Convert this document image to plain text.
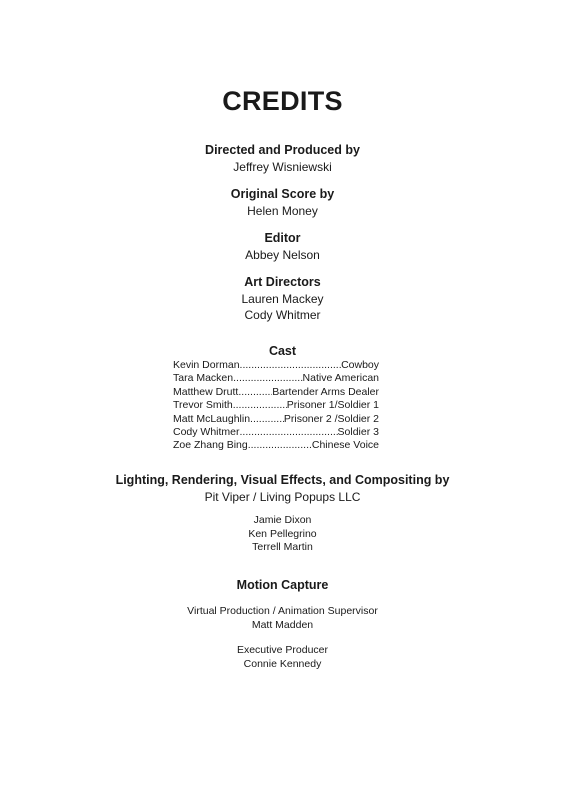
CREDITS
Directed and Produced by
Jeffrey Wisniewski
Original Score by
Helen Money
Editor
Abbey Nelson
Art Directors
Lauren Mackey
Cody Whitmer
Cast
Kevin Dorman .....	Cowboy
Tara Macken .....	Native American
Matthew Drutt .....	Bartender Arms Dealer
Trevor Smith .....	Prisoner 1/Soldier 1
Matt McLaughlin .....	Prisoner 2 /Soldier 2
Cody Whitmer .....	Soldier 3
Zoe Zhang Bing .....	Chinese Voice
Lighting, Rendering, Visual Effects, and Compositing by
Pit Viper / Living Popups LLC
Jamie Dixon
Ken Pellegrino
Terrell Martin
Motion Capture
Virtual Production / Animation Supervisor
Matt Madden
Executive Producer
Connie Kennedy
